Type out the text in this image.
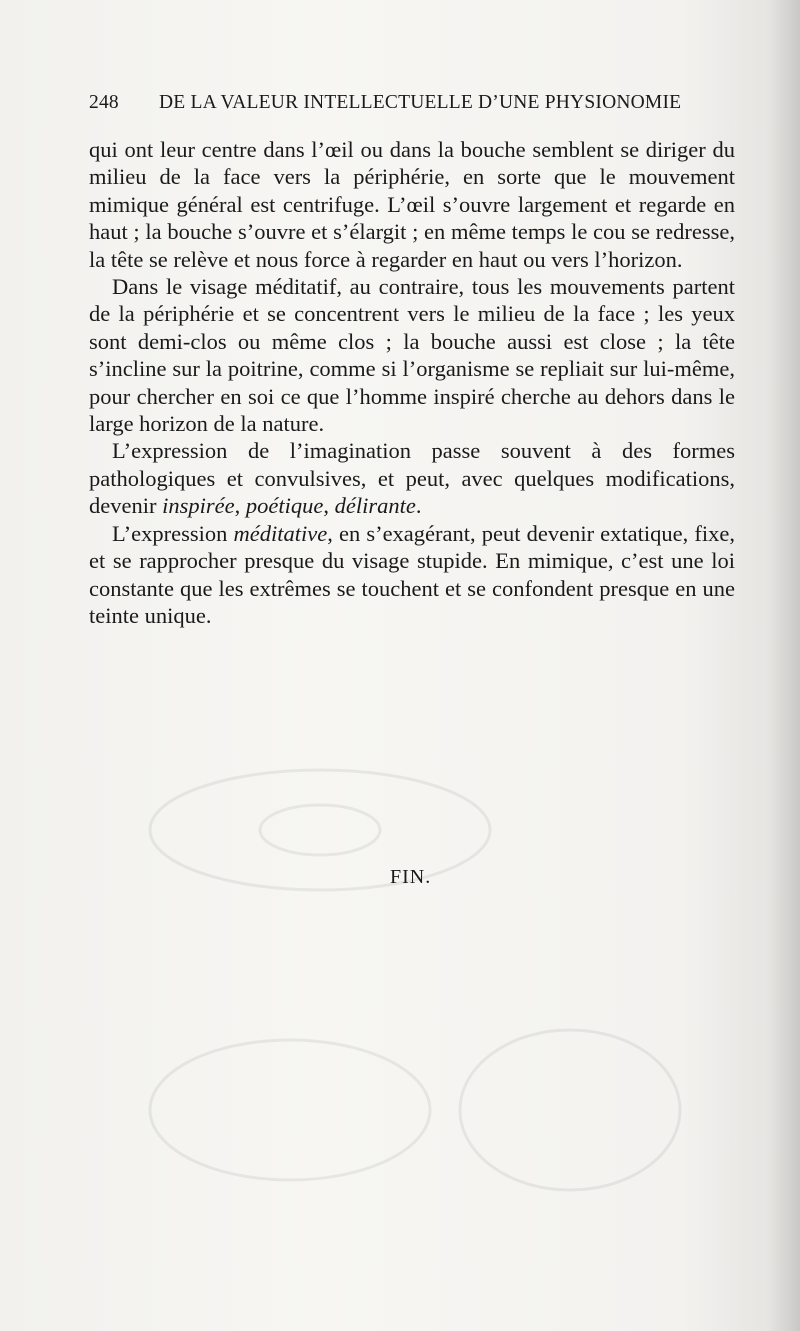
248 DE LA VALEUR INTELLECTUELLE D’UNE PHYSIONOMIE

qui ont leur centre dans l’œil ou dans la bouche semblent se diriger du milieu de la face vers la périphérie, en sorte que le mouvement mimique général est centrifuge. L’œil s’ouvre largement et regarde en haut ; la bouche s’ouvre et s’élargit ; en même temps le cou se redresse, la tête se relève et nous force à regarder en haut ou vers l’horizon.

Dans le visage méditatif, au contraire, tous les mouvements partent de la périphérie et se concentrent vers le milieu de la face ; les yeux sont demi-clos ou même clos ; la bouche aussi est close ; la tête s’incline sur la poitrine, comme si l’organisme se repliait sur lui-même, pour chercher en soi ce que l’homme inspiré cherche au dehors dans le large horizon de la nature.

L’expression de l’imagination passe souvent à des formes pathologiques et convulsives, et peut, avec quelques modifications, devenir inspirée, poétique, délirante.

L’expression méditative, en s’exagérant, peut devenir extatique, fixe, et se rapprocher presque du visage stupide. En mimique, c’est une loi constante que les extrêmes se touchent et se confondent presque en une teinte unique.

FIN.
